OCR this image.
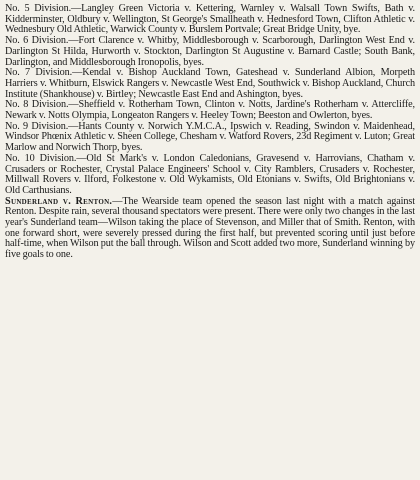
No. 5 Division.—Langley Green Victoria v. Kettering, Warnley v. Walsall Town Swifts, Bath v. Kidderminster, Oldbury v. Wellington, St George's Smallheath v. Hednesford Town, Clifton Athletic v. Wednesbury Old Athletic, Warwick County v. Burslem Portvale; Great Bridge Unity, bye.

No. 6 Division.—Fort Clarence v. Whitby, Middlesborough v. Scarborough, Darlington West End v. Darlington St Hilda, Hurworth v. Stockton, Darlington St Augustine v. Barnard Castle; South Bank, Darlington, and Middlesborough Ironopolis, byes.

No. 7 Division.—Kendal v. Bishop Auckland Town, Gateshead v. Sunderland Albion, Morpeth Harriers v. Whitburn, Elswick Rangers v. Newcastle West End, Southwick v. Bishop Auckland, Church Institute (Shankhouse) v. Birtley; Newcastle East End and Ashington, byes.

No. 8 Division.—Sheffield v. Rotherham Town, Clinton v. Notts, Jardine's Rotherham v. Attercliffe, Newark v. Notts Olympia, Longeaton Rangers v. Heeley Town; Beeston and Owlerton, byes.

No. 9 Division.—Hants County v. Norwich Y.M.C.A., Ipswich v. Reading, Swindon v. Maidenhead, Windsor Phœnix Athletic v. Sheen College, Chesham v. Watford Rovers, 23d Regiment v. Luton; Great Marlow and Norwich Thorp, byes.

No. 10 Division.—Old St Mark's v. London Caledonians, Gravesend v. Harrovians, Chatham v. Crusaders or Rochester, Crystal Palace Engineers' School v. City Ramblers, Crusaders v. Rochester, Millwall Rovers v. Ilford, Folkestone v. Old Wykamists, Old Etonians v. Swifts, Old Brightonians v. Old Carthusians.

Sunderland v. Renton.—The Wearside team opened the season last night with a match against Renton. Despite rain, several thousand spectators were present. There were only two changes in the last year's Sunderland team—Wilson taking the place of Stevenson, and Miller that of Smith. Renton, with one forward short, were severely pressed during the first half, but prevented scoring until just before half-time, when Wilson put the ball through. Wilson and Scott added two more, Sunderland winning by five goals to one.
